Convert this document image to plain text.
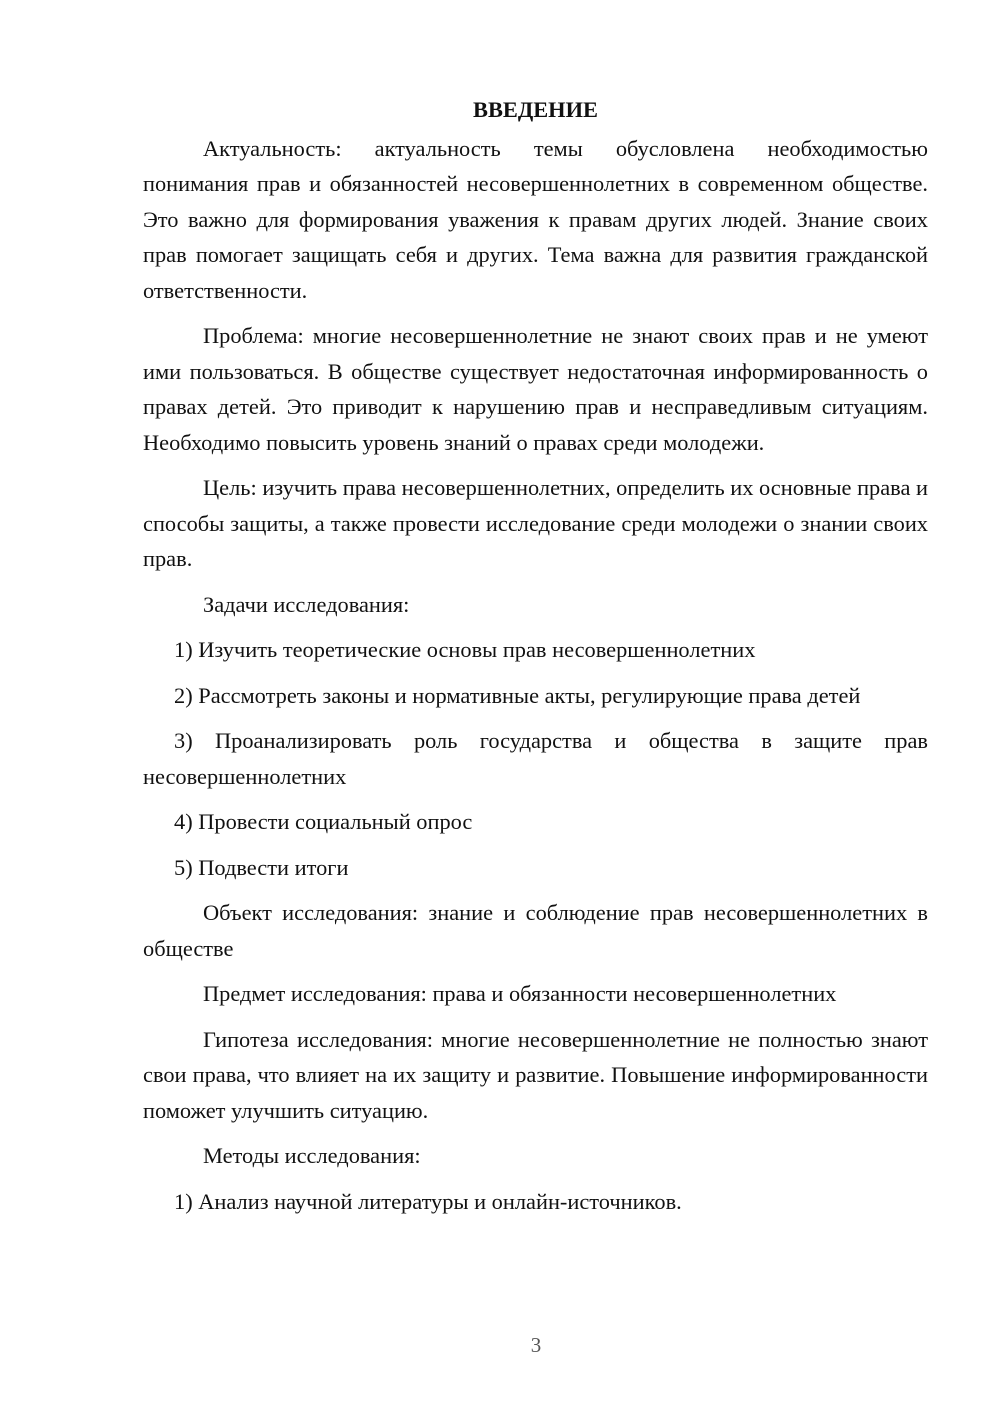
ВВЕДЕНИЕ

Актуальность: актуальность темы обусловлена необходимостью понимания прав и обязанностей несовершеннолетних в современном обществе. Это важно для формирования уважения к правам других людей. Знание своих прав помогает защищать себя и других. Тема важна для развития гражданской ответственности.

Проблема: многие несовершеннолетние не знают своих прав и не умеют ими пользоваться. В обществе существует недостаточная информированность о правах детей. Это приводит к нарушению прав и несправедливым ситуациям. Необходимо повысить уровень знаний о правах среди молодежи.

Цель: изучить права несовершеннолетних, определить их основные права и способы защиты, а также провести исследование среди молодежи о знании своих прав.

Задачи исследования:

1) Изучить теоретические основы прав несовершеннолетних

2) Рассмотреть законы и нормативные акты, регулирующие права детей

3) Проанализировать роль государства и общества в защите прав несовершеннолетних

4) Провести социальный опрос

5) Подвести итоги

Объект исследования: знание и соблюдение прав несовершеннолетних в обществе

Предмет исследования: права и обязанности несовершеннолетних

Гипотеза исследования: многие несовершеннолетние не полностью знают свои права, что влияет на их защиту и развитие. Повышение информированности поможет улучшить ситуацию.

Методы исследования:

1) Анализ научной литературы и онлайн-источников.

3
